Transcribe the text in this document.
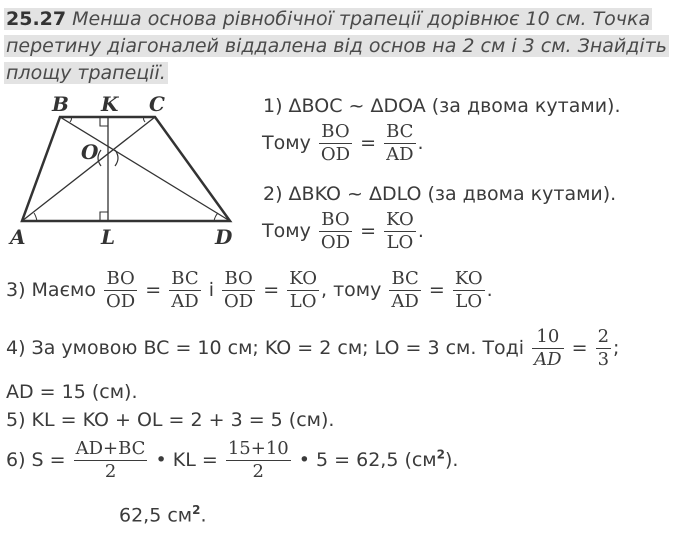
25.27 Менша основа рівнобічної трапеції дорівнює 10 см. Точка
перетину діагоналей віддалена від основ на 2 см і 3 см. Знайдіть
площу трапеції.
B K C
O
A	L	D
1) ΔBOC ~ ΔDOA (за двома кутами).
Тому $\frac{BO}{OD} = \frac{BC}{AD}$ .
2) ΔBKO ~ ΔDLO (за двома кутами).
Тому $\frac{BO}{OD} = \frac{KO}{LO}$ .
3) Маємо $\frac{BO}{OD} = \frac{BC}{AD}$ і $\frac{BO}{OD} = \frac{KO}{LO}$ , тому $\frac{BC}{AD} = \frac{KO}{LO}$ .
4) За умовою BC = 10 см; KO = 2 см; LO = 3 см. Тоді $\frac{10}{AD} = \frac{2}{3}$ ;
AD = 15 (см).
5) KL = KO + OL = 2 + 3 = 5 (см).
6) $S = \frac{AD+BC}{2}$ • KL = $\frac{15+10}{2}$ • 5 = 62,5 $(см^2)$.
62,5 $см^2$.
